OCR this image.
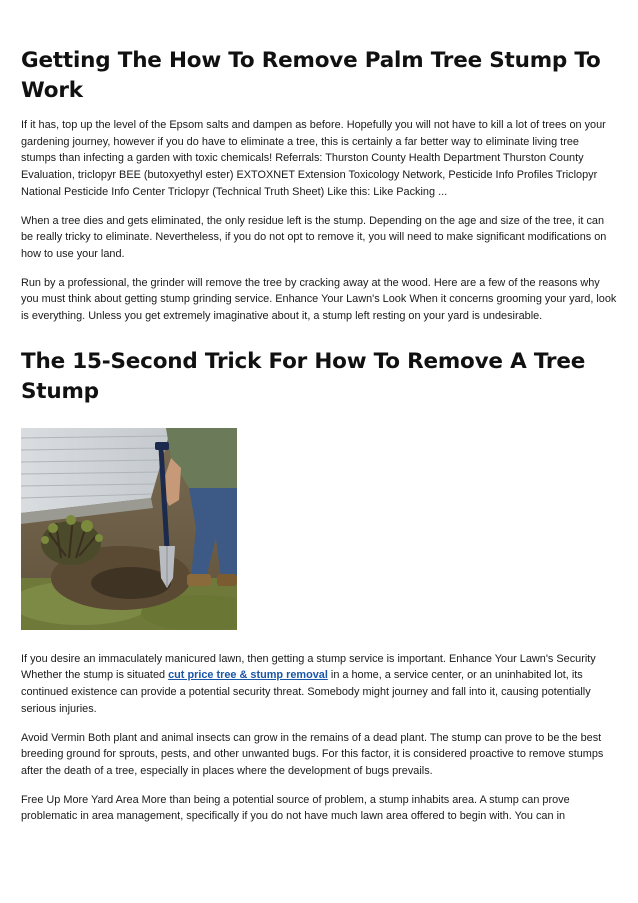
Getting The How To Remove Palm Tree Stump To Work

If it has, top up the level of the Epsom salts and dampen as before. Hopefully you will not have to kill a lot of trees on your gardening journey, however if you do have to eliminate a tree, this is certainly a far better way to eliminate living tree stumps than infecting a garden with toxic chemicals! Referrals: Thurston County Health Department Thurston County Evaluation, triclopyr BEE (butoxyethyl ester) EXTOXNET Extension Toxicology Network, Pesticide Info Profiles Triclopyr National Pesticide Info Center Triclopyr (Technical Truth Sheet) Like this: Like Packing ...

When a tree dies and gets eliminated, the only residue left is the stump. Depending on the age and size of the tree, it can be really tricky to eliminate. Nevertheless, if you do not opt to remove it, you will need to make significant modifications on how to use your land.

Run by a professional, the grinder will remove the tree by cracking away at the wood. Here are a few of the reasons why you must think about getting stump grinding service. Enhance Your Lawn's Look When it concerns grooming your yard, look is everything. Unless you get extremely imaginative about it, a stump left resting on your yard is undesirable.

The 15-Second Trick For How To Remove A Tree Stump

If you desire an immaculately manicured lawn, then getting a stump service is important. Enhance Your Lawn's Security Whether the stump is situated cut price tree & stump removal in a home, a service center, or an uninhabited lot, its continued existence can provide a potential security threat. Somebody might journey and fall into it, causing potentially serious injuries.

Avoid Vermin Both plant and animal insects can grow in the remains of a dead plant. The stump can prove to be the best breeding ground for sprouts, pests, and other unwanted bugs. For this factor, it is considered proactive to remove stumps after the death of a tree, especially in places where the development of bugs prevails.

Free Up More Yard Area More than being a potential source of problem, a stump inhabits area. A stump can prove problematic in area management, specifically if you do not have much lawn area offered to begin with. You can in
